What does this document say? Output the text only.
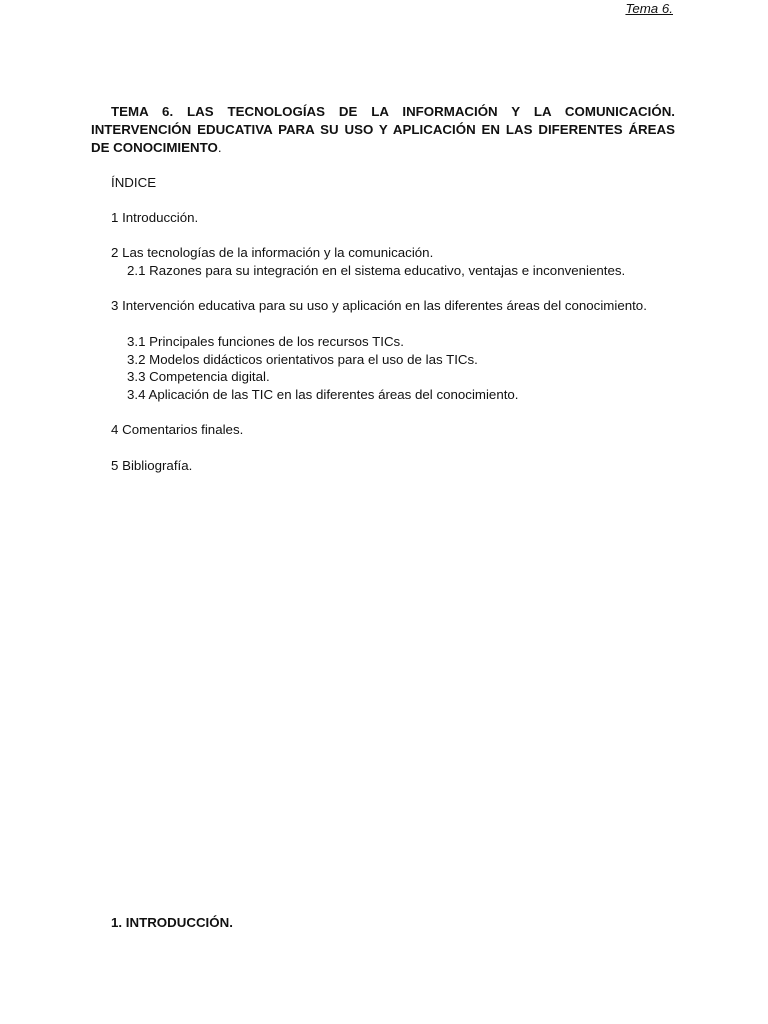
Tema 6.
TEMA 6. LAS TECNOLOGÍAS DE LA INFORMACIÓN Y LA COMUNICACIÓN. INTERVENCIÓN EDUCATIVA PARA SU USO Y APLICACIÓN EN LAS DIFERENTES ÁREAS DE CONOCIMIENTO.
ÍNDICE
1 Introducción.
2 Las tecnologías de la información y la comunicación.
2.1 Razones para su integración en el sistema educativo, ventajas e inconvenientes.
3 Intervención educativa para su uso y aplicación en las diferentes áreas del conocimiento.
3.1 Principales funciones de los recursos TICs.
3.2 Modelos didácticos orientativos para el uso de las TICs.
3.3 Competencia digital.
3.4 Aplicación de las TIC en las diferentes áreas del conocimiento.
4 Comentarios finales.
5 Bibliografía.
1. INTRODUCCIÓN.
